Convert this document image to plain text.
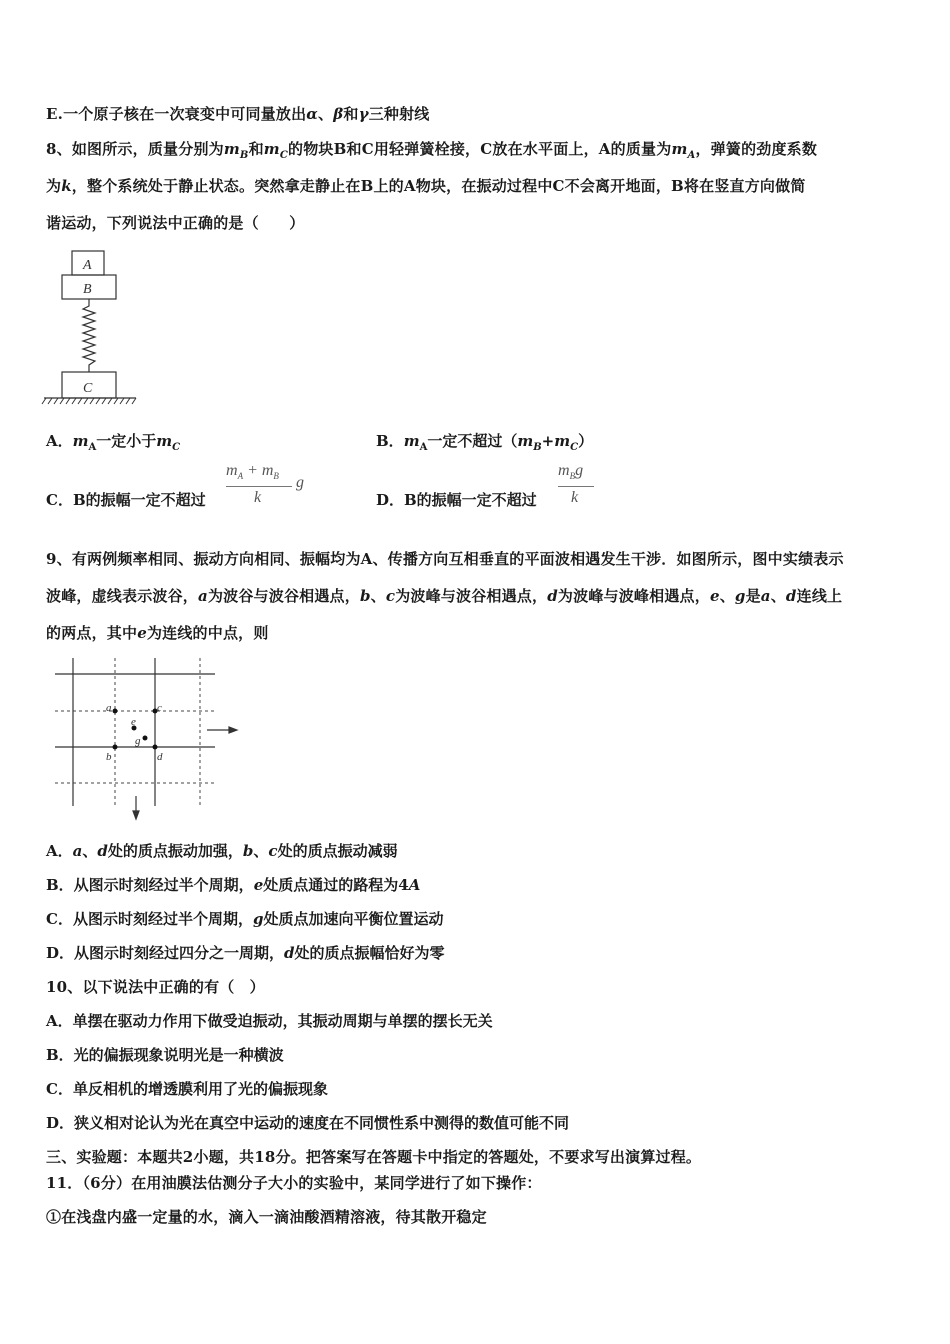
E.一个原子核在一次衰变中可同量放出α、β和γ三种射线
8、如图所示，质量分别为$m_B$和$m_C$的物块B和C用轻弹簧栓接，C放在水平面上，A的质量为$m_A$，弹簧的劲度系数
为k，整个系统处于静止状态。突然拿走静止在B上的A物块，在振动过程中C不会离开地面，B将在竖直方向做简
谐运动，下列说法中正确的是（　　）
A
B
C
A．$m_A$一定小于$m_C$	B．$m_A$一定不超过$(m_B+m_C)$
C．B的振幅一定不超过
$m_A + m_B$
k
g
D．B的振幅一定不超过
$m_Bg$
k
9、有两例频率相同、振动方向相同、振幅均为A、传播方向互相垂直的平面波相遇发生干涉．如图所示，图中实绩表示
波峰，虚线表示波谷，a为波谷与波谷相遇点，b、c为波峰与波谷相遇点，d为波峰与波峰相遇点，e、g是a、d连线上
的两点，其中e为连线的中点，则
a	c
e
g
b	d
A．a、d处的质点振动加强，b、c处的质点振动减弱
B．从图示时刻经过半个周期，e处质点通过的路程为4A
C．从图示时刻经过半个周期，g处质点加速向平衡位置运动
D．从图示时刻经过四分之一周期，d处的质点振幅恰好为零
10、以下说法中正确的有（　）
A．单摆在驱动力作用下做受迫振动，其振动周期与单摆的摆长无关
B．光的偏振现象说明光是一种横波
C．单反相机的增透膜利用了光的偏振现象
D．狭义相对论认为光在真空中运动的速度在不同惯性系中测得的数值可能不同
三、实验题：本题共2小题，共18分。把答案写在答题卡中指定的答题处，不要求写出演算过程。
11．（6分）在用油膜法估测分子大小的实验中，某同学进行了如下操作：
①在浅盘内盛一定量的水，滴入一滴油酸酒精溶液，待其散开稳定
